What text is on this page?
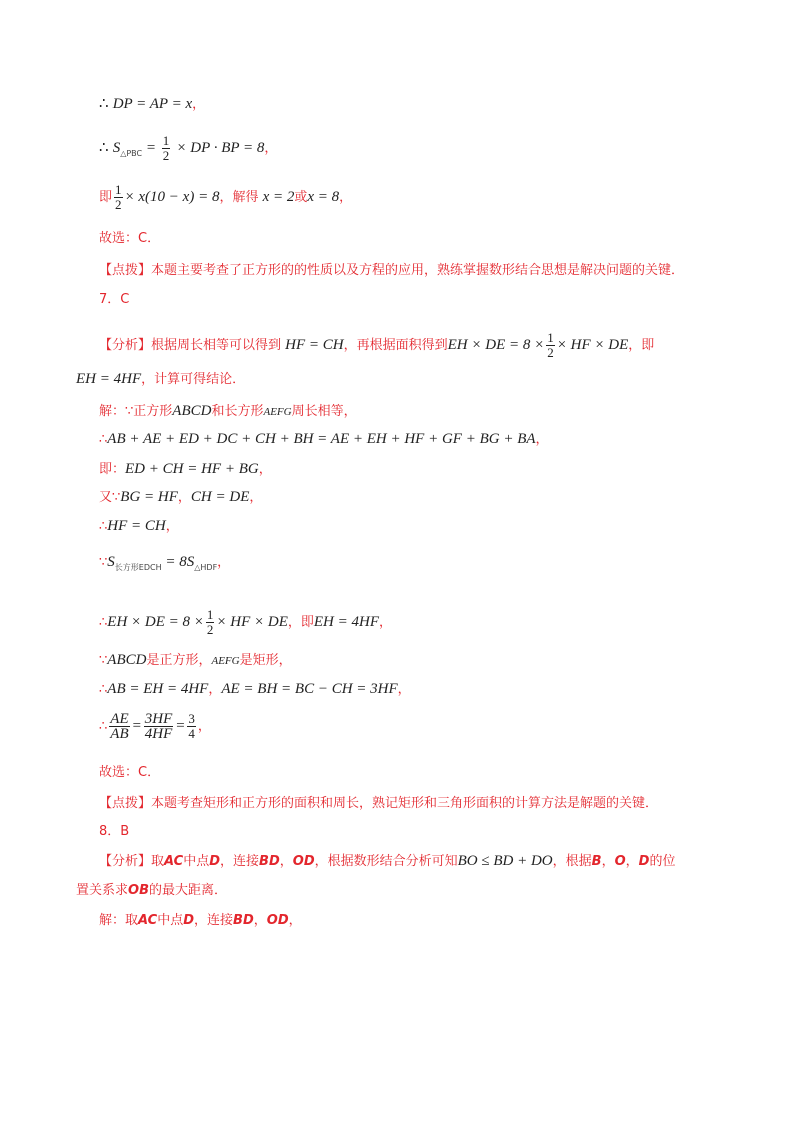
∴ DP = AP = x，
∴ $S_{\triangle PBC} = \frac{1}{2}$ × DP · BP = 8，
即 $\frac{1}{2} \times x(10 - x) = 8$，解得 x = 2或x = 8，
故选：C．
【点拨】本题主要考查了正方形的的性质以及方程的应用，熟练掌握数形结合思想是解决问题的关键．
7．C
【分析】根据周长相等可以得到 HF = CH，再根据面积得到EH × DE = $8 \times \frac{1}{2}$ × HF × DE，即
EH = 4HF，计算可得结论．
解：∵正方形ABCD和长方形AEFG周长相等，
∴AB + AE + ED + DC + CH + BH = AE + EH + HF + GF + BG + BA，
即：ED + CH = HF + BG，
又∵BG = HF，CH = DE，
∴HF = CH，
$\because S_{长方形EDCH} = 8S_{\triangle HDF}$，
∴EH × DE = $8 \times \frac{1}{2}$ × HF × DE，即EH = 4HF，
∵ABCD是正方形，AEFG是矩形，
∴AB = EH = 4HF，AE = BH = BC − CH = 3HF，
∴ $\frac{AE}{AB} = \frac{3HF}{4HF} = \frac{3}{4}$ ，
故选：C．
【点拨】本题考查矩形和正方形的面积和周长，熟记矩形和三角形面积的计算方法是解题的关键．
8．B
【分析】取AC中点D，连接BD，OD，根据数形结合分析可知BO ≤ BD + DO，根据B，O，D的位
置关系求OB的最大距离．
解：取AC中点D，连接BD，OD，
